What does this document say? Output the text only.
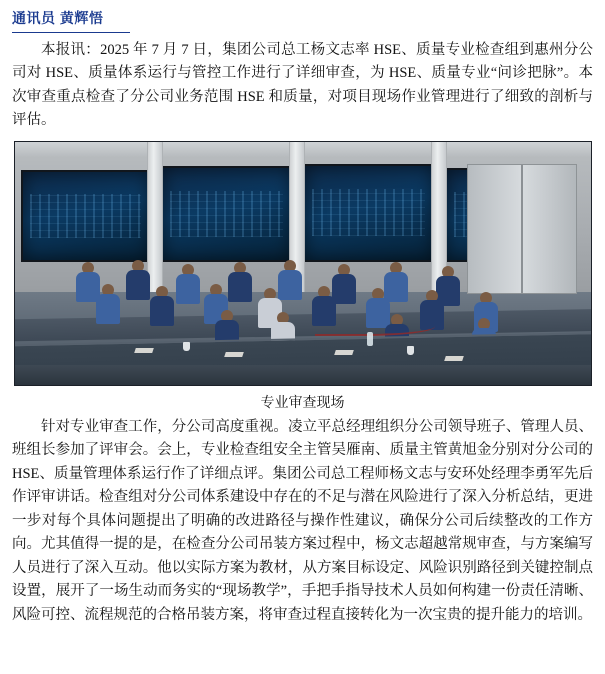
通讯员 黄辉悟

本报讯：2025 年 7 月 7 日，集团公司总工杨文志率 HSE、质量专业检查组到惠州分公司对 HSE、质量体系运行与管控工作进行了详细审查，为 HSE、质量专业“问诊把脉”。本次审查重点检查了分公司业务范围 HSE 和质量，对项目现场作业管理进行了细致的剖析与评估。

专业审查现场

针对专业审查工作，分公司高度重视。凌立平总经理组织分公司领导班子、管理人员、班组长参加了评审会。会上，专业检查组安全主管吴雁南、质量主管黄旭金分别对分公司的 HSE、质量管理体系运行作了详细点评。集团公司总工程师杨文志与安环处经理李勇军先后作评审讲话。检查组对分公司体系建设中存在的不足与潜在风险进行了深入分析总结，更进一步对每个具体问题提出了明确的改进路径与操作性建议，确保分公司后续整改的工作方向。尤其值得一提的是，在检查分公司吊装方案过程中，杨文志超越常规审查，与方案编写人员进行了深入互动。他以实际方案为教材，从方案目标设定、风险识别路径到关键控制点设置，展开了一场生动而务实的“现场教学”，手把手指导技术人员如何构建一份责任清晰、风险可控、流程规范的合格吊装方案，将审查过程直接转化为一次宝贵的提升能力的培训。
